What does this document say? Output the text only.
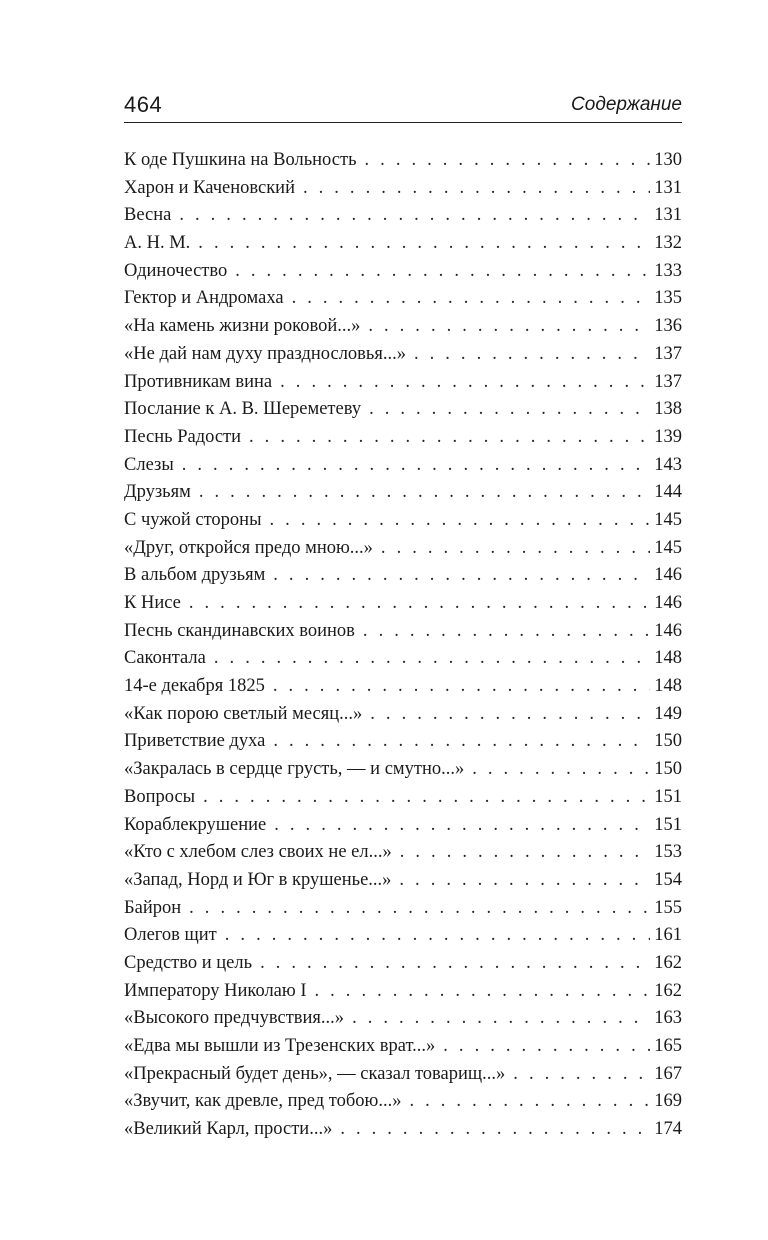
464	Содержание
К оде Пушкина на Вольность . . .	130
Харон и Каченовский . . .	131
Весна . . .	131
А. Н. М. . . .	132
Одиночество . . .	133
Гектор и Андромаха . . .	135
«На камень жизни роковой...» . . .	136
«Не дай нам духу празднословья...» . . .	137
Противникам вина . . .	137
Послание к А. В. Шереметеву . . .	138
Песнь Радости . . .	139
Слезы . . .	143
Друзьям . . .	144
С чужой стороны . . .	145
«Друг, откройся предо мною...» . . .	145
В альбом друзьям . . .	146
К Нисе . . .	146
Песнь скандинавских воинов . . .	146
Саконтала . . .	148
14-е декабря 1825 . . .	148
«Как порою светлый месяц...» . . .	149
Приветствие духа . . .	150
«Закралась в сердце грусть, — и смутно...» . . .	150
Вопросы . . .	151
Кораблекрушение . . .	151
«Кто с хлебом слез своих не ел...» . . .	153
«Запад, Норд и Юг в крушенье...» . . .	154
Байрон . . .	155
Олегов щит . . .	161
Средство и цель . . .	162
Императору Николаю I . . .	162
«Высокого предчувствия...» . . .	163
«Едва мы вышли из Трезенских врат...» . . .	165
«Прекрасный будет день», — сказал товарищ...» . . .	167
«Звучит, как древле, пред тобою...» . . .	169
«Великий Карл, прости...» . . .	174
